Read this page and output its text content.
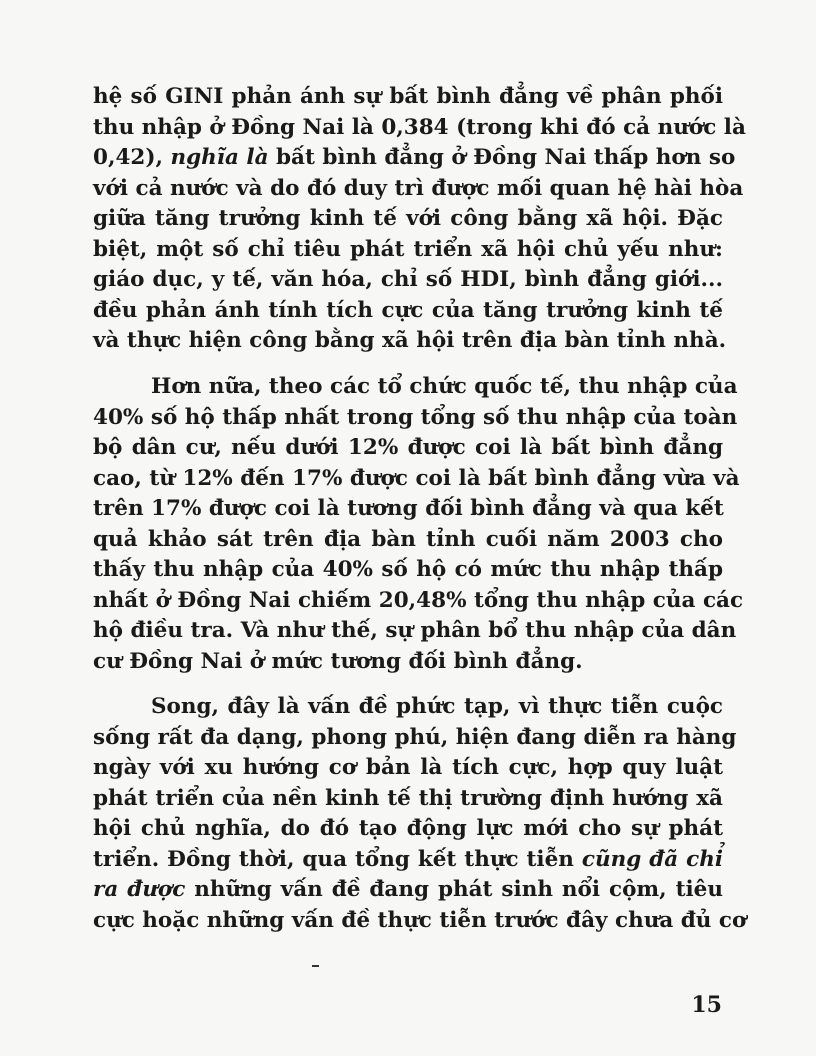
hệ số GINI phản ánh sự bất bình đẳng về phân phối
thu nhập ở Đồng Nai là 0,384 (trong khi đó cả nước là
0,42), nghĩa là bất bình đẳng ở Đồng Nai thấp hơn so
với cả nước và do đó duy trì được mối quan hệ hài hòa
giữa tăng trưởng kinh tế với công bằng xã hội. Đặc
biệt, một số chỉ tiêu phát triển xã hội chủ yếu như:
giáo dục, y tế, văn hóa, chỉ số HDI, bình đẳng giới...
đều phản ánh tính tích cực của tăng trưởng kinh tế
và thực hiện công bằng xã hội trên địa bàn tỉnh nhà.
Hơn nữa, theo các tổ chức quốc tế, thu nhập của
40% số hộ thấp nhất trong tổng số thu nhập của toàn
bộ dân cư, nếu dưới 12% được coi là bất bình đẳng
cao, từ 12% đến 17% được coi là bất bình đẳng vừa và
trên 17% được coi là tương đối bình đẳng và qua kết
quả khảo sát trên địa bàn tỉnh cuối năm 2003 cho
thấy thu nhập của 40% số hộ có mức thu nhập thấp
nhất ở Đồng Nai chiếm 20,48% tổng thu nhập của các
hộ điều tra. Và như thế, sự phân bổ thu nhập của dân
cư Đồng Nai ở mức tương đối bình đẳng.
Song, đây là vấn đề phức tạp, vì thực tiễn cuộc
sống rất đa dạng, phong phú, hiện đang diễn ra hàng
ngày với xu hướng cơ bản là tích cực, hợp quy luật
phát triển của nền kinh tế thị trường định hướng xã
hội chủ nghĩa, do đó tạo động lực mới cho sự phát
triển. Đồng thời, qua tổng kết thực tiễn cũng đã chỉ
ra được những vấn đề đang phát sinh nổi cộm, tiêu
cực hoặc những vấn đề thực tiễn trước đây chưa đủ cơ
15
